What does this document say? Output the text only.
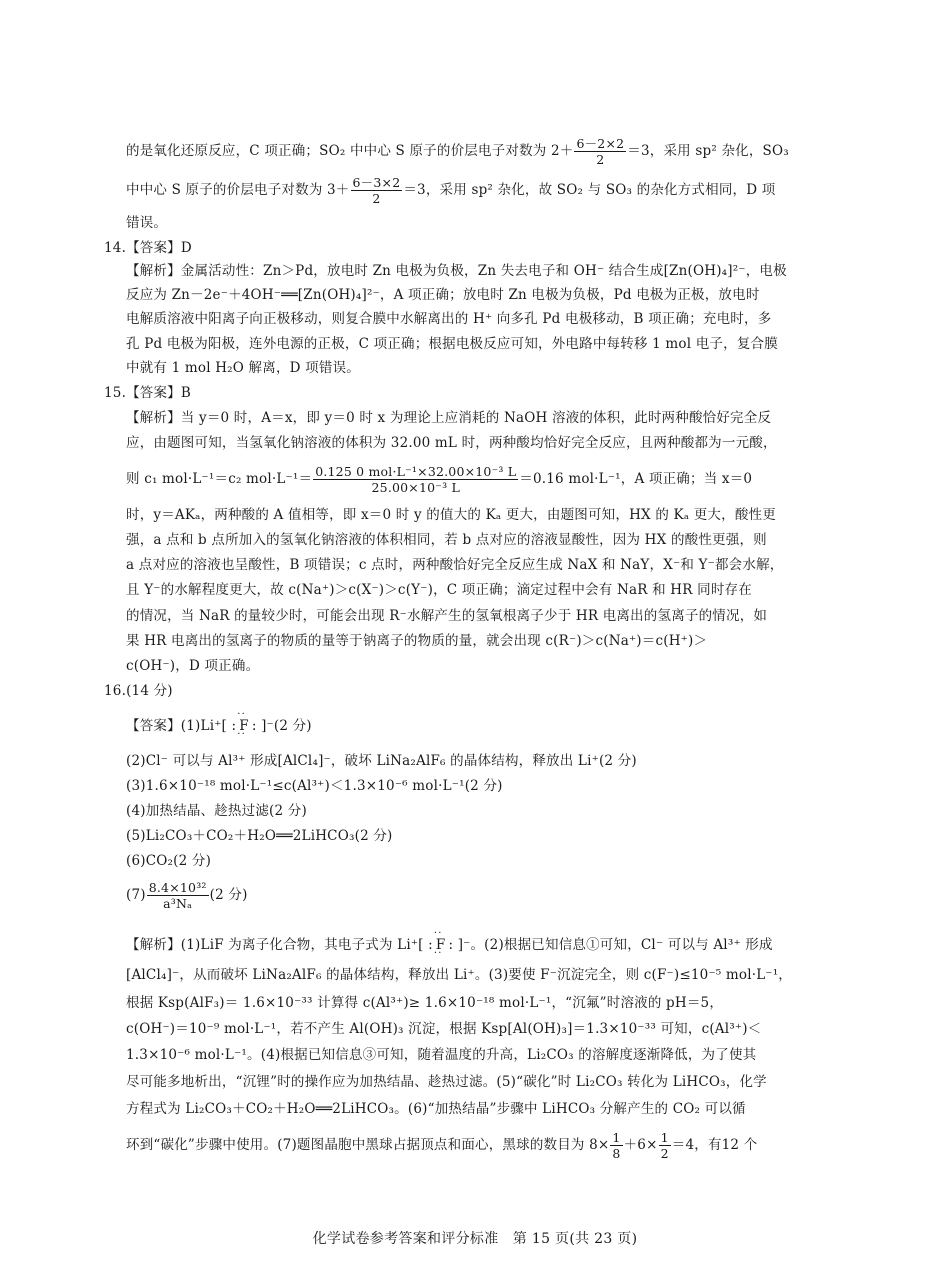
的是氧化还原反应，C 项正确；SO₂ 中中心 S 原子的价层电子对数为 $2+ \frac{6-2\times 2}{2} =3$，采用 sp² 杂化，SO₃
中中心 S 原子的价层电子对数为 $3+ \frac{6-3\times 2}{2} =3$，采用 sp² 杂化，故 SO₂ 与 SO₃ 的杂化方式相同，D 项
错误。
14.【答案】D
【解析】金属活动性：Zn＞Pd，放电时 Zn 电极为负极，Zn 失去电子和 OH⁻ 结合生成[Zn(OH)₄]²⁻，电极
反应为 Zn－2e⁻＋4OH⁻══[Zn(OH)₄]²⁻，A 项正确；放电时 Zn 电极为负极，Pd 电极为正极，放电时
电解质溶液中阳离子向正极移动，则复合膜中水解离出的 H⁺ 向多孔 Pd 电极移动，B 项正确；充电时，多
孔 Pd 电极为阳极，连外电源的正极，C 项正确；根据电极反应可知，外电路中每转移 1 mol 电子，复合膜
中就有 1 mol H₂O 解离，D 项错误。
15.【答案】B
【解析】当 y＝0 时，A＝x，即 y＝0 时 x 为理论上应消耗的 NaOH 溶液的体积，此时两种酸恰好完全反
应，由题图可知，当氢氧化钠溶液的体积为 32.00 mL 时，两种酸均恰好完全反应，且两种酸都为一元酸，
则 c₁ mol·L⁻¹＝c₂ $mol\cdot L^{-1}= \frac{\text{0.125 0 mol·L⁻¹×32.00×10⁻³ L}}{\text{25.00×10⁻³ L}} =0.16$ mol·L⁻¹，A 项正确；当 x＝0
时，y＝AKₐ，两种酸的 A 值相等，即 x＝0 时 y 的值大的 Kₐ 更大，由题图可知，HX 的 Kₐ 更大，酸性更
强，a 点和 b 点所加入的氢氧化钠溶液的体积相同，若 b 点对应的溶液显酸性，因为 HX 的酸性更强，则
a 点对应的溶液也呈酸性，B 项错误；c 点时，两种酸恰好完全反应生成 NaX 和 NaY，X⁻和 Y⁻都会水解，
且 Y⁻的水解程度更大，故 c(Na⁺)＞c(X⁻)＞c(Y⁻)，C 项正确；滴定过程中会有 NaR 和 HR 同时存在
的情况，当 NaR 的量较少时，可能会出现 R⁻水解产生的氢氧根离子少于 HR 电离出的氢离子的情况，如
果 HR 电离出的氢离子的物质的量等于钠离子的物质的量，就会出现 c(R⁻)＞c(Na⁺)＝c(H⁺)＞
c(OH⁻)，D 项正确。
16.(14 分)
【答案】(1)Li⁺[ : · · F · · : ]⁻(2 分)
(2)Cl⁻ 可以与 Al³⁺ 形成[AlCl₄]⁻，破坏 LiNa₂AlF₆ 的晶体结构，释放出 Li⁺(2 分)
(3)1.6×10⁻¹⁸ mol·L⁻¹≤c(Al³⁺)＜1.3×10⁻⁶ mol·L⁻¹(2 分)
(4)加热结晶、趁热过滤(2 分)
(5)Li₂CO₃＋CO₂＋H₂O══2LiHCO₃(2 分)
(6)CO₂(2 分)
$(7) \frac{\text{8.4×10³²}}{\text{a³Nₐ}} (2$ 分)
【解析】(1)LiF 为离子化合物，其电子式为 Li⁺[ : · · F · · : ]⁻。(2)根据已知信息①可知，Cl⁻ 可以与 Al³⁺ 形成
[AlCl₄]⁻，从而破坏 LiNa₂AlF₆ 的晶体结构，释放出 Li⁺。(3)要使 F⁻沉淀完全，则 c(F⁻)≤10⁻⁵ mol·L⁻¹，
根据 Ksp(AlF₃)＝ 1.6×10⁻³³ 计算得 c(Al³⁺)≥ 1.6×10⁻¹⁸ mol·L⁻¹，“沉氟”时溶液的 pH＝5，
c(OH⁻)＝10⁻⁹ mol·L⁻¹，若不产生 Al(OH)₃ 沉淀，根据 Ksp[Al(OH)₃]＝1.3×10⁻³³ 可知，c(Al³⁺)＜
1.3×10⁻⁶ mol·L⁻¹。(4)根据已知信息③可知，随着温度的升高，Li₂CO₃ 的溶解度逐渐降低，为了使其
尽可能多地析出，“沉锂”时的操作应为加热结晶、趁热过滤。(5)“碳化”时 Li₂CO₃ 转化为 LiHCO₃，化学
方程式为 Li₂CO₃＋CO₂＋H₂O══2LiHCO₃。(6)“加热结晶”步骤中 LiHCO₃ 分解产生的 CO₂ 可以循
环到“碳化”步骤中使用。(7)题图晶胞中黑球占据顶点和面心，黑球的数目为 $8\times \frac{1}{8} +6\times \frac{1}{2} =4$，有12 个
化学试卷参考答案和评分标准　第 15 页(共 23 页)
